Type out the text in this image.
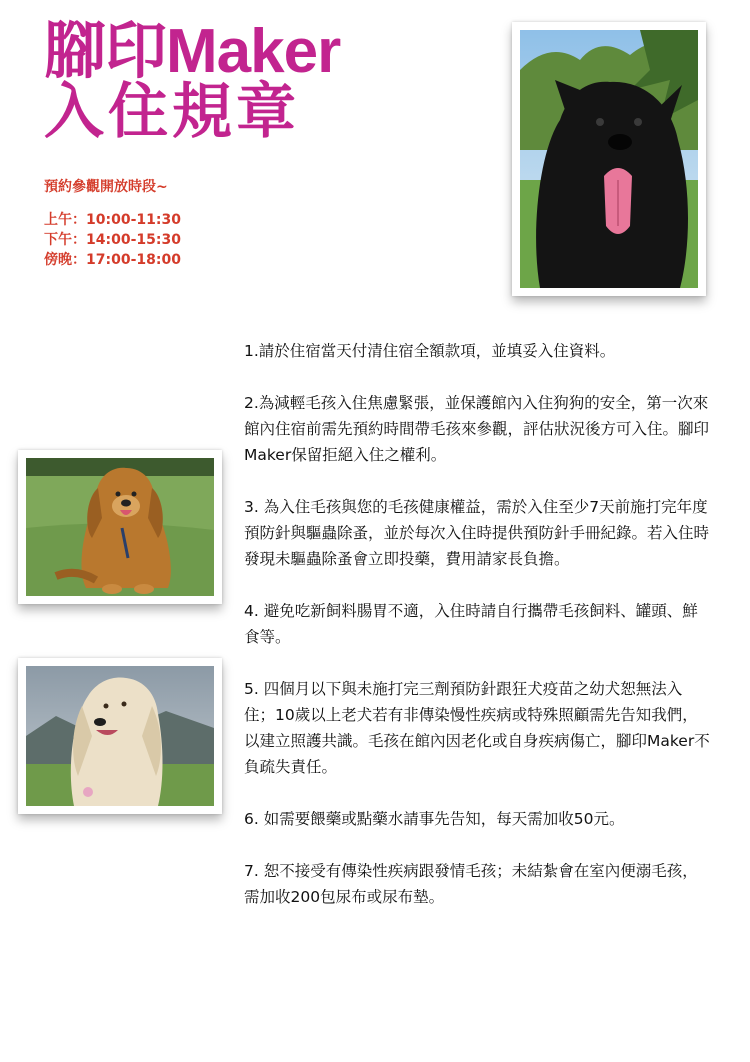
腳印Maker
入住規章

預約參觀開放時段~

上午：10:00-11:30

下午：14:00-15:30

傍晚：17:00-18:00

1.請於住宿當天付清住宿全額款項，並填妥入住資料。

2.為減輕毛孩入住焦慮緊張，並保護館內入住狗狗的安全，第一次來館內住宿前需先預約時間帶毛孩來參觀，評估狀況後方可入住。腳印Maker保留拒絕入住之權利。

3. 為入住毛孩與您的毛孩健康權益，需於入住至少7天前施打完年度預防針與驅蟲除蚤，並於每次入住時提供預防針手冊紀錄。若入住時發現未驅蟲除蚤會立即投藥，費用請家長負擔。

4. 避免吃新飼料腸胃不適，入住時請自行攜帶毛孩飼料、罐頭、鮮食等。

5. 四個月以下與未施打完三劑預防針跟狂犬疫苗之幼犬恕無法入住；10歲以上老犬若有非傳染慢性疾病或特殊照顧需先告知我們，以建立照護共識。毛孩在館內因老化或自身疾病傷亡，腳印Maker不負疏失責任。

6. 如需要餵藥或點藥水請事先告知，每天需加收50元。

7. 恕不接受有傳染性疾病跟發情毛孩；未結紮會在室內便溺毛孩，需加收200包尿布或尿布墊。
